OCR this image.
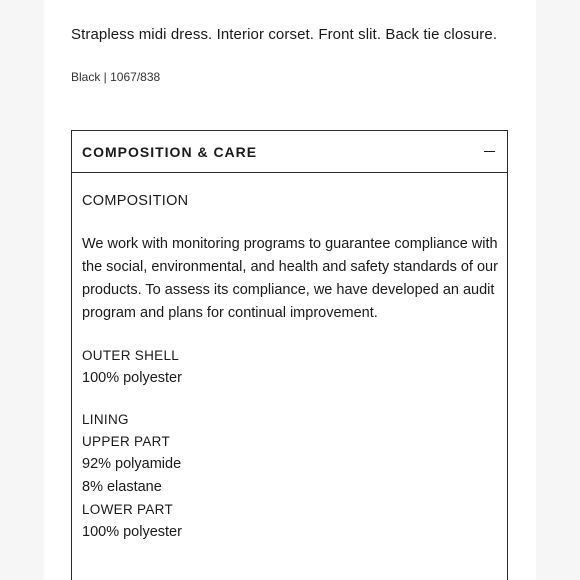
Strapless midi dress. Interior corset. Front slit. Back tie closure.
Black | 1067/838
COMPOSITION & CARE
COMPOSITION
We work with monitoring programs to guarantee compliance with the social, environmental, and health and safety standards of our products. To assess its compliance, we have developed an audit program and plans for continual improvement.
OUTER SHELL
100% polyester
LINING
UPPER PART
92% polyamide
8% elastane
LOWER PART
100% polyester
